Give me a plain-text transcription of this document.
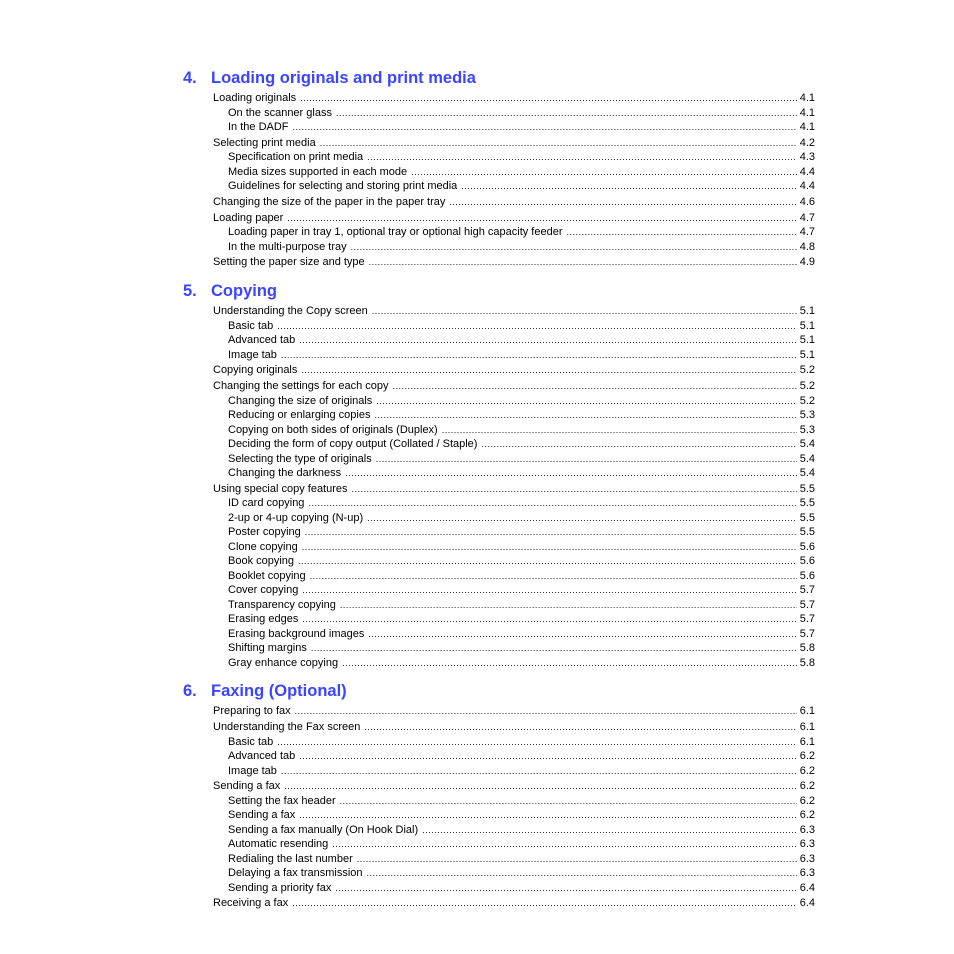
4. Loading originals and print media
Loading originals .....	4.1
On the scanner glass .....	4.1
In the DADF .....	4.1
Selecting print media .....	4.2
Specification on print media .....	4.3
Media sizes supported in each mode .....	4.4
Guidelines for selecting and storing print media .....	4.4
Changing the size of the paper in the paper tray .....	4.6
Loading paper .....	4.7
Loading paper in tray 1, optional tray or optional high capacity feeder .....	4.7
In the multi-purpose tray .....	4.8
Setting the paper size and type .....	4.9
5. Copying
Understanding the Copy screen .....	5.1
Basic tab .....	5.1
Advanced tab .....	5.1
Image tab .....	5.1
Copying originals .....	5.2
Changing the settings for each copy .....	5.2
Changing the size of originals .....	5.2
Reducing or enlarging copies .....	5.3
Copying on both sides of originals (Duplex) .....	5.3
Deciding the form of copy output (Collated / Staple) .....	5.4
Selecting the type of originals .....	5.4
Changing the darkness .....	5.4
Using special copy features .....	5.5
ID card copying .....	5.5
2-up or 4-up copying (N-up) .....	5.5
Poster copying .....	5.5
Clone copying .....	5.6
Book copying .....	5.6
Booklet copying .....	5.6
Cover copying .....	5.7
Transparency copying .....	5.7
Erasing edges .....	5.7
Erasing background images .....	5.7
Shifting margins .....	5.8
Gray enhance copying .....	5.8
6. Faxing (Optional)
Preparing to fax .....	6.1
Understanding the Fax screen .....	6.1
Basic tab .....	6.1
Advanced tab .....	6.2
Image tab .....	6.2
Sending a fax .....	6.2
Setting the fax header .....	6.2
Sending a fax .....	6.2
Sending a fax manually (On Hook Dial) .....	6.3
Automatic resending .....	6.3
Redialing the last number .....	6.3
Delaying a fax transmission .....	6.3
Sending a priority fax .....	6.4
Receiving a fax .....	6.4
